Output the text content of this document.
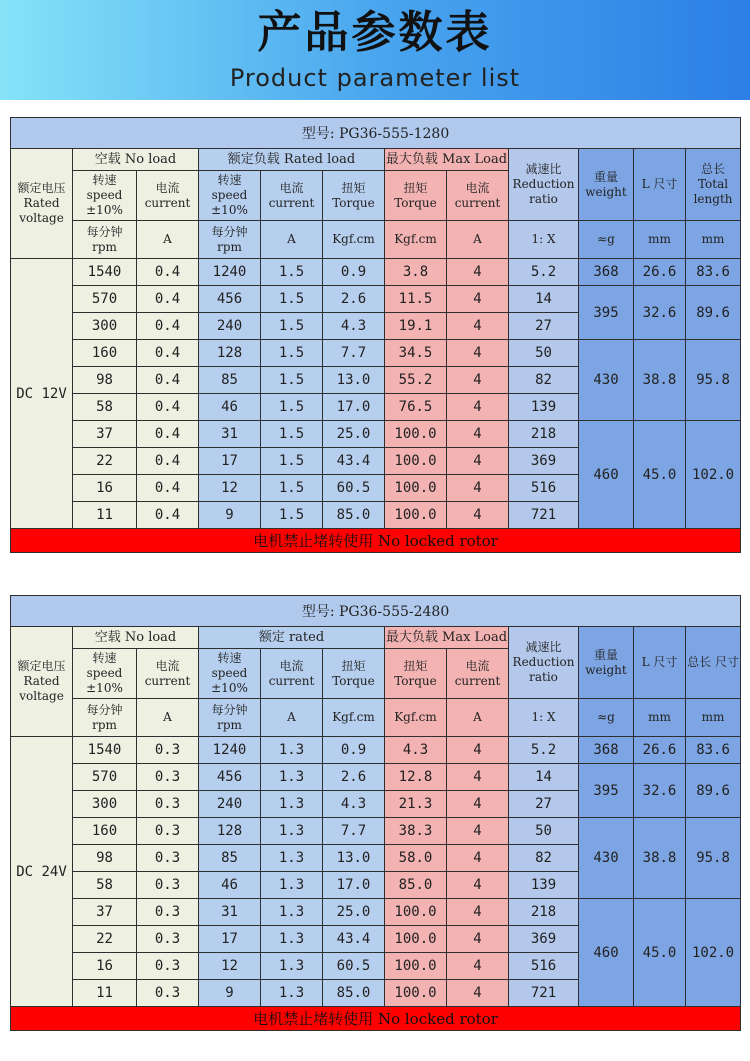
产品参数表
Product parameter list
型号: PG36-555-1280											
额定电压 Rated voltage	空载 No load		额定负载 Rated load			最大负载 Max Load		减速比 Reduction ratio	重量 weight	L 尺寸	总长 Total length
	转速 speed ±10%	电流 current	转速 speed ±10%	电流 current	扭矩 Torque	扭矩 Torque	电流 current				
	每分钟 rpm	A	每分钟 rpm	A	Kgf.cm	Kgf.cm	A	1: X	≈g	mm	mm
DC 12V	1540	0.4	1240	1.5	0.9	3.8	4	5.2	368	26.6	83.6
	570	0.4	456	1.5	2.6	11.5	4	14	395	32.6	89.6
	300	0.4	240	1.5	4.3	19.1	4	27			
	160	0.4	128	1.5	7.7	34.5	4	50	430	38.8	95.8
	98	0.4	85	1.5	13.0	55.2	4	82			
	58	0.4	46	1.5	17.0	76.5	4	139			
	37	0.4	31	1.5	25.0	100.0	4	218	460	45.0	102.0
	22	0.4	17	1.5	43.4	100.0	4	369			
	16	0.4	12	1.5	60.5	100.0	4	516			
	11	0.4	9	1.5	85.0	100.0	4	721			
电机禁止堵转使用 No locked rotor											
型号: PG36-555-2480											
额定电压 Rated voltage	空载 No load		额定 rated			最大负载 Max Load		减速比 Reduction ratio	重量 weight	L 尺寸	总长 尺寸
	转速 speed ±10%	电流 current	转速 speed ±10%	电流 current	扭矩 Torque	扭矩 Torque	电流 current				
	每分钟 rpm	A	每分钟 rpm	A	Kgf.cm	Kgf.cm	A	1: X	≈g	mm	mm
DC 24V	1540	0.3	1240	1.3	0.9	4.3	4	5.2	368	26.6	83.6
	570	0.3	456	1.3	2.6	12.8	4	14	395	32.6	89.6
	300	0.3	240	1.3	4.3	21.3	4	27			
	160	0.3	128	1.3	7.7	38.3	4	50	430	38.8	95.8
	98	0.3	85	1.3	13.0	58.0	4	82			
	58	0.3	46	1.3	17.0	85.0	4	139			
	37	0.3	31	1.3	25.0	100.0	4	218	460	45.0	102.0
	22	0.3	17	1.3	43.4	100.0	4	369			
	16	0.3	12	1.3	60.5	100.0	4	516			
	11	0.3	9	1.3	85.0	100.0	4	721			
电机禁止堵转使用 No locked rotor											
